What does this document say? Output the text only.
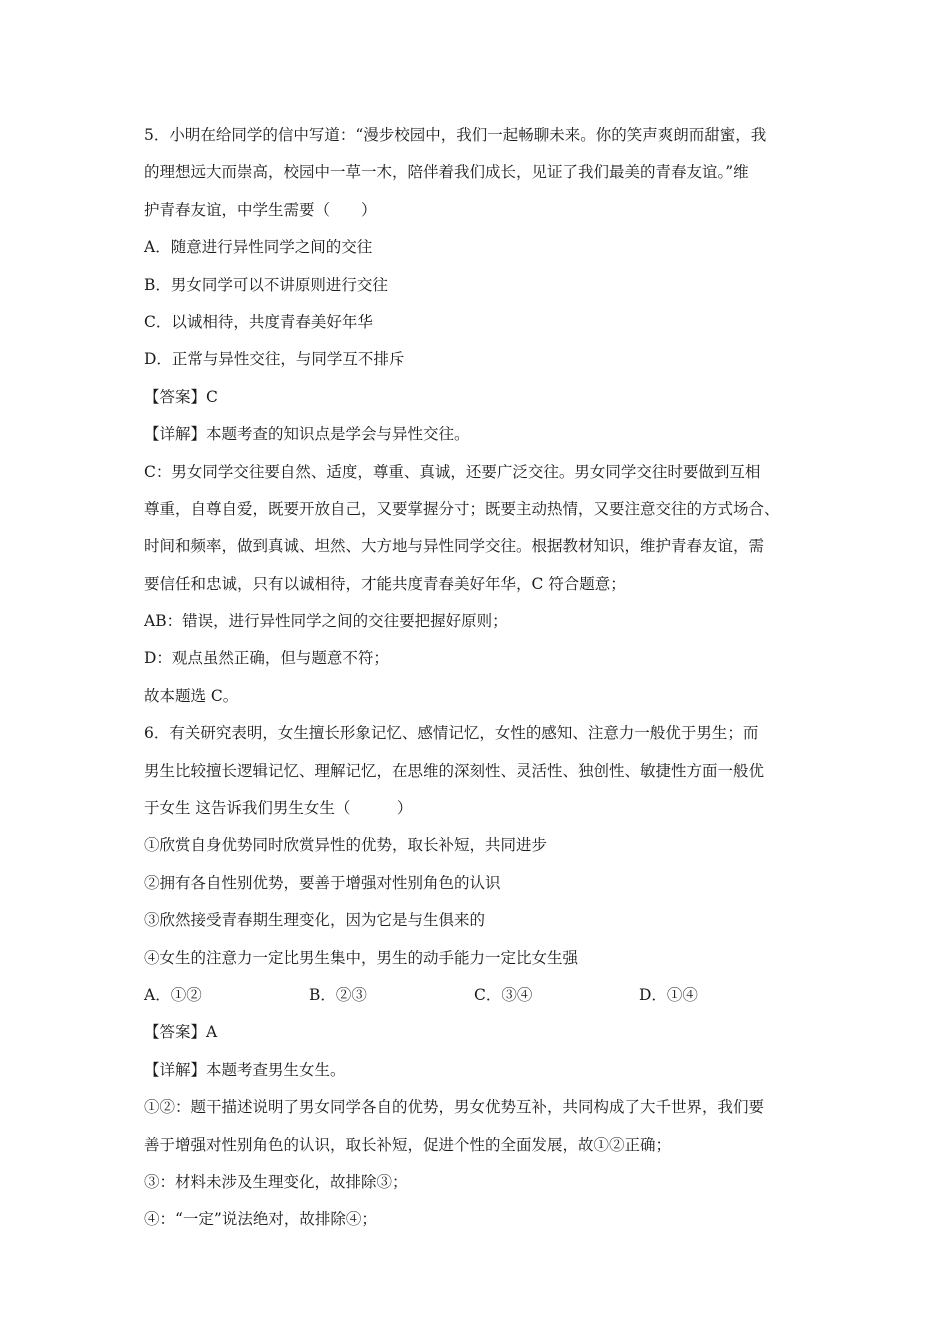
5．小明在给同学的信中写道：“漫步校园中，我们一起畅聊未来。你的笑声爽朗而甜蜜，我

的理想远大而崇高，校园中一草一木，陪伴着我们成长，见证了我们最美的青春友谊。”维

护青春友谊，中学生需要（　　）

A．随意进行异性同学之间的交往

B．男女同学可以不讲原则进行交往

C．以诚相待，共度青春美好年华

D．正常与异性交往，与同学互不排斥

【答案】C

【详解】本题考查的知识点是学会与异性交往。

C：男女同学交往要自然、适度，尊重、真诚，还要广泛交往。男女同学交往时要做到互相

尊重，自尊自爱，既要开放自己，又要掌握分寸；既要主动热情，又要注意交往的方式场合、

时间和频率，做到真诚、坦然、大方地与异性同学交往。根据教材知识，维护青春友谊，需

要信任和忠诚，只有以诚相待，才能共度青春美好年华，C 符合题意；

AB：错误，进行异性同学之间的交往要把握好原则；

D：观点虽然正确，但与题意不符；

故本题选 C。

6．有关研究表明，女生擅长形象记忆、感情记忆，女性的感知、注意力一般优于男生；而

男生比较擅长逻辑记忆、理解记忆，在思维的深刻性、灵活性、独创性、敏捷性方面一般优

于女生 这告诉我们男生女生（　　　）

①欣赏自身优势同时欣赏异性的优势，取长补短，共同进步

②拥有各自性别优势，要善于增强对性别角色的认识

③欣然接受青春期生理变化，因为它是与生俱来的

④女生的注意力一定比男生集中，男生的动手能力一定比女生强

A．①②	B．②③	C．③④	D．①④

【答案】A

【详解】本题考查男生女生。

①②：题干描述说明了男女同学各自的优势，男女优势互补，共同构成了大千世界，我们要

善于增强对性别角色的认识，取长补短，促进个性的全面发展，故①②正确；

③：材料未涉及生理变化，故排除③；

④：“一定”说法绝对，故排除④；
